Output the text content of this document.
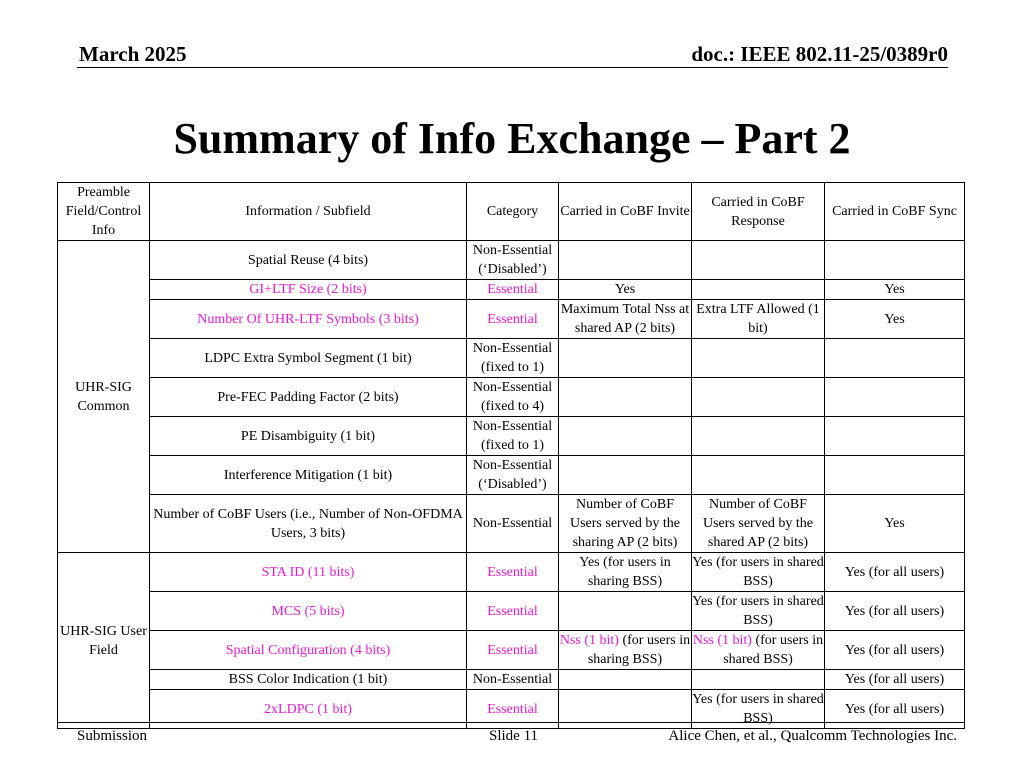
March 2025	doc.: IEEE 802.11-25/0389r0
Summary of Info Exchange – Part 2
Preamble Field/Control Info	Information / Subfield	Category	Carried in CoBF Invite	Carried in CoBF Response	Carried in CoBF Sync
UHR-SIG Common	Spatial Reuse (4 bits)	Non-Essential (‘Disabled’)			
	GI+LTF Size (2 bits)	Essential	Yes		Yes
	Number Of UHR-LTF Symbols (3 bits)	Essential	Maximum Total Nss at shared AP (2 bits)	Extra LTF Allowed (1 bit)	Yes
	LDPC Extra Symbol Segment (1 bit)	Non-Essential (fixed to 1)			
	Pre-FEC Padding Factor (2 bits)	Non-Essential (fixed to 4)			
	PE Disambiguity (1 bit)	Non-Essential (fixed to 1)			
	Interference Mitigation (1 bit)	Non-Essential (‘Disabled’)			
	Number of CoBF Users (i.e., Number of Non-OFDMA Users, 3 bits)	Non-Essential	Number of CoBF Users served by the sharing AP (2 bits)	Number of CoBF Users served by the shared AP (2 bits)	Yes
UHR-SIG User Field	STA ID (11 bits)	Essential	Yes (for users in sharing BSS)	Yes (for users in shared BSS)	Yes (for all users)
	MCS (5 bits)	Essential		Yes (for users in shared BSS)	Yes (for all users)
	Spatial Configuration (4 bits)	Essential	Nss (1 bit) (for users in sharing BSS)	Nss (1 bit) (for users in shared BSS)	Yes (for all users)
	BSS Color Indication (1 bit)	Non-Essential			Yes (for all users)
	2xLDPC (1 bit)	Essential		Yes (for users in shared BSS)	Yes (for all users)
Submission	Slide 11	Alice Chen, et al., Qualcomm Technologies Inc.
